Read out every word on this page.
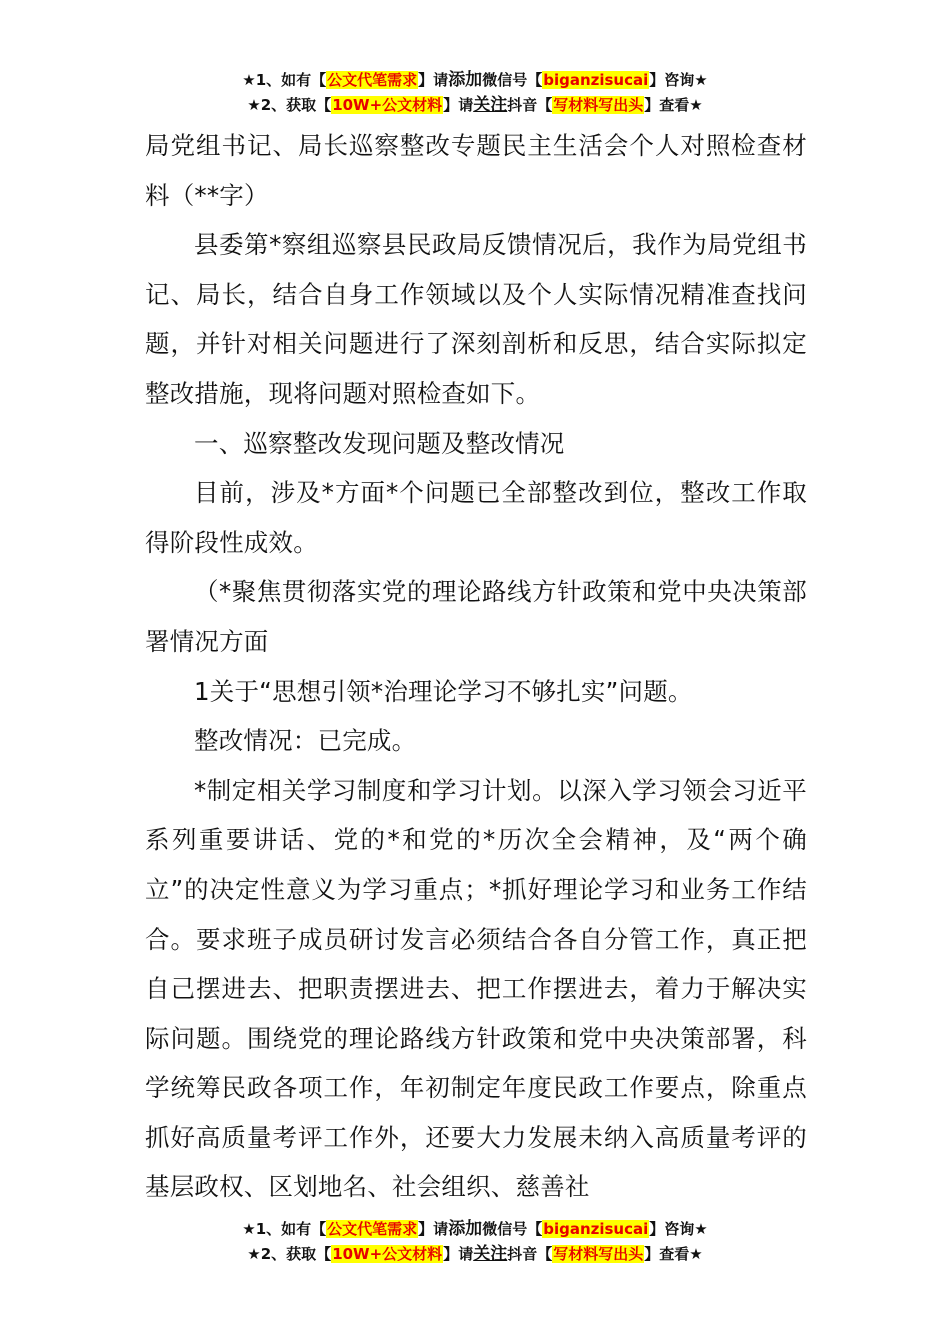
★1、如有【公文代笔需求】请添加微信号【biganzisucai】咨询★
★2、获取【10W+公文材料】请关注抖音【写材料写出头】查看★

局党组书记、局长巡察整改专题民主生活会个人对照检查材料（**字）

县委第*察组巡察县民政局反馈情况后，我作为局党组书记、局长，结合自身工作领域以及个人实际情况精准查找问题，并针对相关问题进行了深刻剖析和反思，结合实际拟定整改措施，现将问题对照检查如下。

一、巡察整改发现问题及整改情况

目前，涉及*方面*个问题已全部整改到位，整改工作取得阶段性成效。

（*聚焦贯彻落实党的理论路线方针政策和党中央决策部署情况方面

1关于“思想引领*治理论学习不够扎实”问题。

整改情况：已完成。

*制定相关学习制度和学习计划。以深入学习领会习近平系列重要讲话、党的*和党的*历次全会精神，及“两个确立”的决定性意义为学习重点；*抓好理论学习和业务工作结合。要求班子成员研讨发言必须结合各自分管工作，真正把自己摆进去、把职责摆进去、把工作摆进去，着力于解决实际问题。围绕党的理论路线方针政策和党中央决策部署，科学统筹民政各项工作，年初制定年度民政工作要点，除重点抓好高质量考评工作外，还要大力发展未纳入高质量考评的基层政权、区划地名、社会组织、慈善社

★1、如有【公文代笔需求】请添加微信号【biganzisucai】咨询★
★2、获取【10W+公文材料】请关注抖音【写材料写出头】查看★
